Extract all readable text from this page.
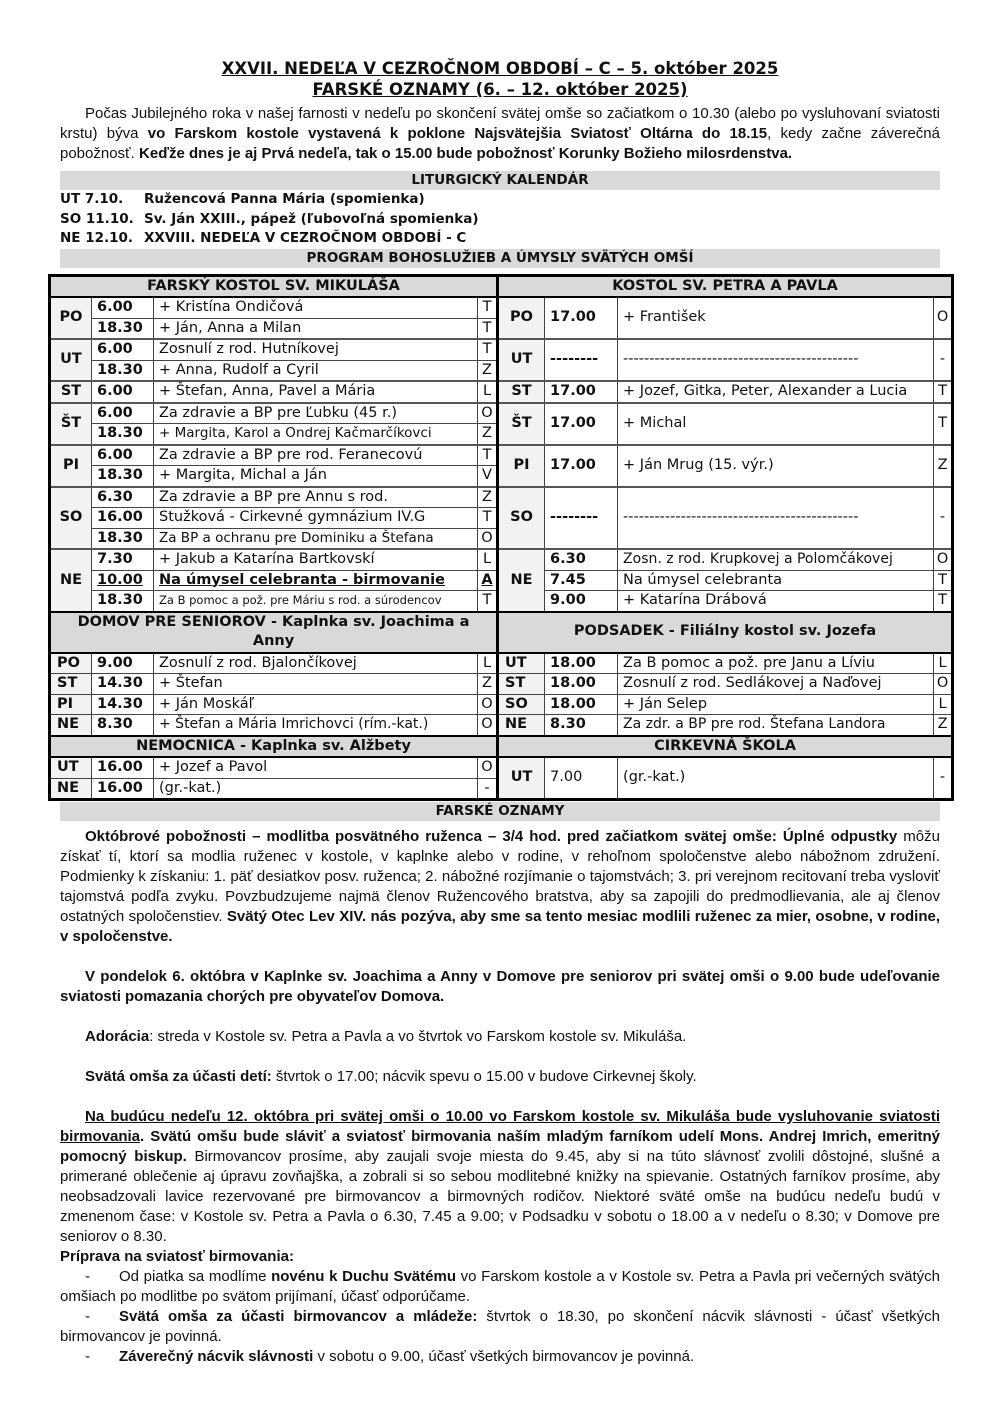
XXVII. NEDEĽA V CEZROČNOM OBDOBÍ – C – 5. október 2025
FARSKÉ OZNAMY (6. – 12. október 2025)

Počas Jubilejného roka v našej farnosti v nedeľu po skončení svätej omše so začiatkom o 10.30 (alebo po vysluhovaní sviatosti krstu) býva vo Farskom kostole vystavená k poklone Najsvätejšia Sviatosť Oltárna do 18.15, kedy začne záverečná pobožnosť. Keďže dnes je aj Prvá nedeľa, tak o 15.00 bude pobožnosť Korunky Božieho milosrdenstva.

LITURGICKÝ KALENDÁR
UT 7.10. Ružencová Panna Mária (spomienka)
SO 11.10. Sv. Ján XXIII., pápež (ľubovoľná spomienka)
NE 12.10. XXVIII. NEDEĽA V CEZROČNOM OBDOBÍ - C
PROGRAM BOHOSLUŽIEB A ÚMYSLY SVÄTÝCH OMŠÍ
FARSKÝ KOSTOL SV. MIKULÁŠA				KOSTOL SV. PETRA A PAVLA			
PO	6.00	+ Kristína Ondičová	T	PO	17.00	+ František	O
	18.30	+ Ján, Anna a Milan	T				
UT	6.00	Zosnulí z rod. Hutníkovej	T	UT	--------	---------------------------------------------	-
	18.30	+ Anna, Rudolf a Cyril	Z				
ST	6.00	+ Štefan, Anna, Pavel a Mária	L	ST	17.00	+ Jozef, Gitka, Peter, Alexander a Lucia	T
ŠT	6.00	Za zdravie a BP pre Ľubku (45 r.)	O	ŠT	17.00	+ Michal	T
	18.30	+ Margita, Karol a Ondrej Kačmarčíkovci	Z				
PI	6.00	Za zdravie a BP pre rod. Feranecovú	T	PI	17.00	+ Ján Mrug (15. výr.)	Z
	18.30	+ Margita, Michal a Ján	V				
SO	6.30	Za zdravie a BP pre Annu s rod.	Z	SO	--------	---------------------------------------------	-
	16.00	Stužková - Cirkevné gymnázium IV.G	T				
	18.30	Za BP a ochranu pre Dominiku a Štefana	O				
NE	7.30	+ Jakub a Katarína Bartkovskí	L	NE	6.30	Zosn. z rod. Krupkovej a Polomčákovej	O
	10.00	Na úmysel celebranta - birmovanie	A		7.45	Na úmysel celebranta	T
	18.30	Za B pomoc a pož. pre Máriu s rod. a súrodencov	T		9.00	+ Katarína Drábová	T
DOMOV PRE SENIOROV - Kaplnka sv. Joachima a Anny				PODSADEK - Filiálny kostol sv. Jozefa			
PO	9.00	Zosnulí z rod. Bjalončíkovej	L	UT	18.00	Za B pomoc a pož. pre Janu a Líviu	L
ST	14.30	+ Štefan	Z	ST	18.00	Zosnulí z rod. Sedlákovej a Naďovej	O
PI	14.30	+ Ján Moskáľ	O	SO	18.00	+ Ján Selep	L
NE	8.30	+ Štefan a Mária Imrichovci (rím.-kat.)	O	NE	8.30	Za zdr. a BP pre rod. Štefana Landora	Z
NEMOCNICA - Kaplnka sv. Alžbety				CIRKEVNÁ ŠKOLA			
UT	16.00	+ Jozef a Pavol	O	UT	7.00	(gr.-kat.)	-
NE	16.00	(gr.-kat.)	-				
FARSKÉ OZNAMY

Októbrové pobožnosti – modlitba posvätného ruženca – 3/4 hod. pred začiatkom svätej omše: Úplné odpustky môžu získať tí, ktorí sa modlia ruženec v kostole, v kaplnke alebo v rodine, v rehoľnom spoločenstve alebo nábožnom združení. Podmienky k získaniu: 1. päť desiatkov posv. ruženca; 2. nábožné rozjímanie o tajomstvách; 3. pri verejnom recitovaní treba vysloviť tajomstvá podľa zvyku. Povzbudzujeme najmä členov Ružencového bratstva, aby sa zapojili do predmodlievania, ale aj členov ostatných spoločenstiev. Svätý Otec Lev XIV. nás pozýva, aby sme sa tento mesiac modlili ruženec za mier, osobne, v rodine, v spoločenstve.

V pondelok 6. októbra v Kaplnke sv. Joachima a Anny v Domove pre seniorov pri svätej omši o 9.00 bude udeľovanie sviatosti pomazania chorých pre obyvateľov Domova.

Adorácia: streda v Kostole sv. Petra a Pavla a vo štvrtok vo Farskom kostole sv. Mikuláša.

Svätá omša za účasti detí: štvrtok o 17.00; nácvik spevu o 15.00 v budove Cirkevnej školy.

Na budúcu nedeľu 12. októbra pri svätej omši o 10.00 vo Farskom kostole sv. Mikuláša bude vysluhovanie sviatosti birmovania. Svätú omšu bude sláviť a sviatosť birmovania naším mladým farníkom udelí Mons. Andrej Imrich, emeritný pomocný biskup. Birmovancov prosíme, aby zaujali svoje miesta do 9.45, aby si na túto slávnosť zvolili dôstojné, slušné a primerané oblečenie aj úpravu zovňajška, a zobrali si so sebou modlitebné knižky na spievanie. Ostatných farníkov prosíme, aby neobsadzovali lavice rezervované pre birmovancov a birmovných rodičov. Niektoré sväté omše na budúcu nedeľu budú v zmenenom čase: v Kostole sv. Petra a Pavla o 6.30, 7.45 a 9.00; v Podsadku v sobotu o 18.00 a v nedeľu o 8.30; v Domove pre seniorov o 8.30.

Príprava na sviatosť birmovania:

- Od piatka sa modlíme novénu k Duchu Svätému vo Farskom kostole a v Kostole sv. Petra a Pavla pri večerných svätých omšiach po modlitbe po svätom prijímaní, účasť odporúčame.

- Svätá omša za účasti birmovancov a mládeže: štvrtok o 18.30, po skončení nácvik slávnosti - účasť všetkých birmovancov je povinná.

- Záverečný nácvik slávnosti v sobotu o 9.00, účasť všetkých birmovancov je povinná.
